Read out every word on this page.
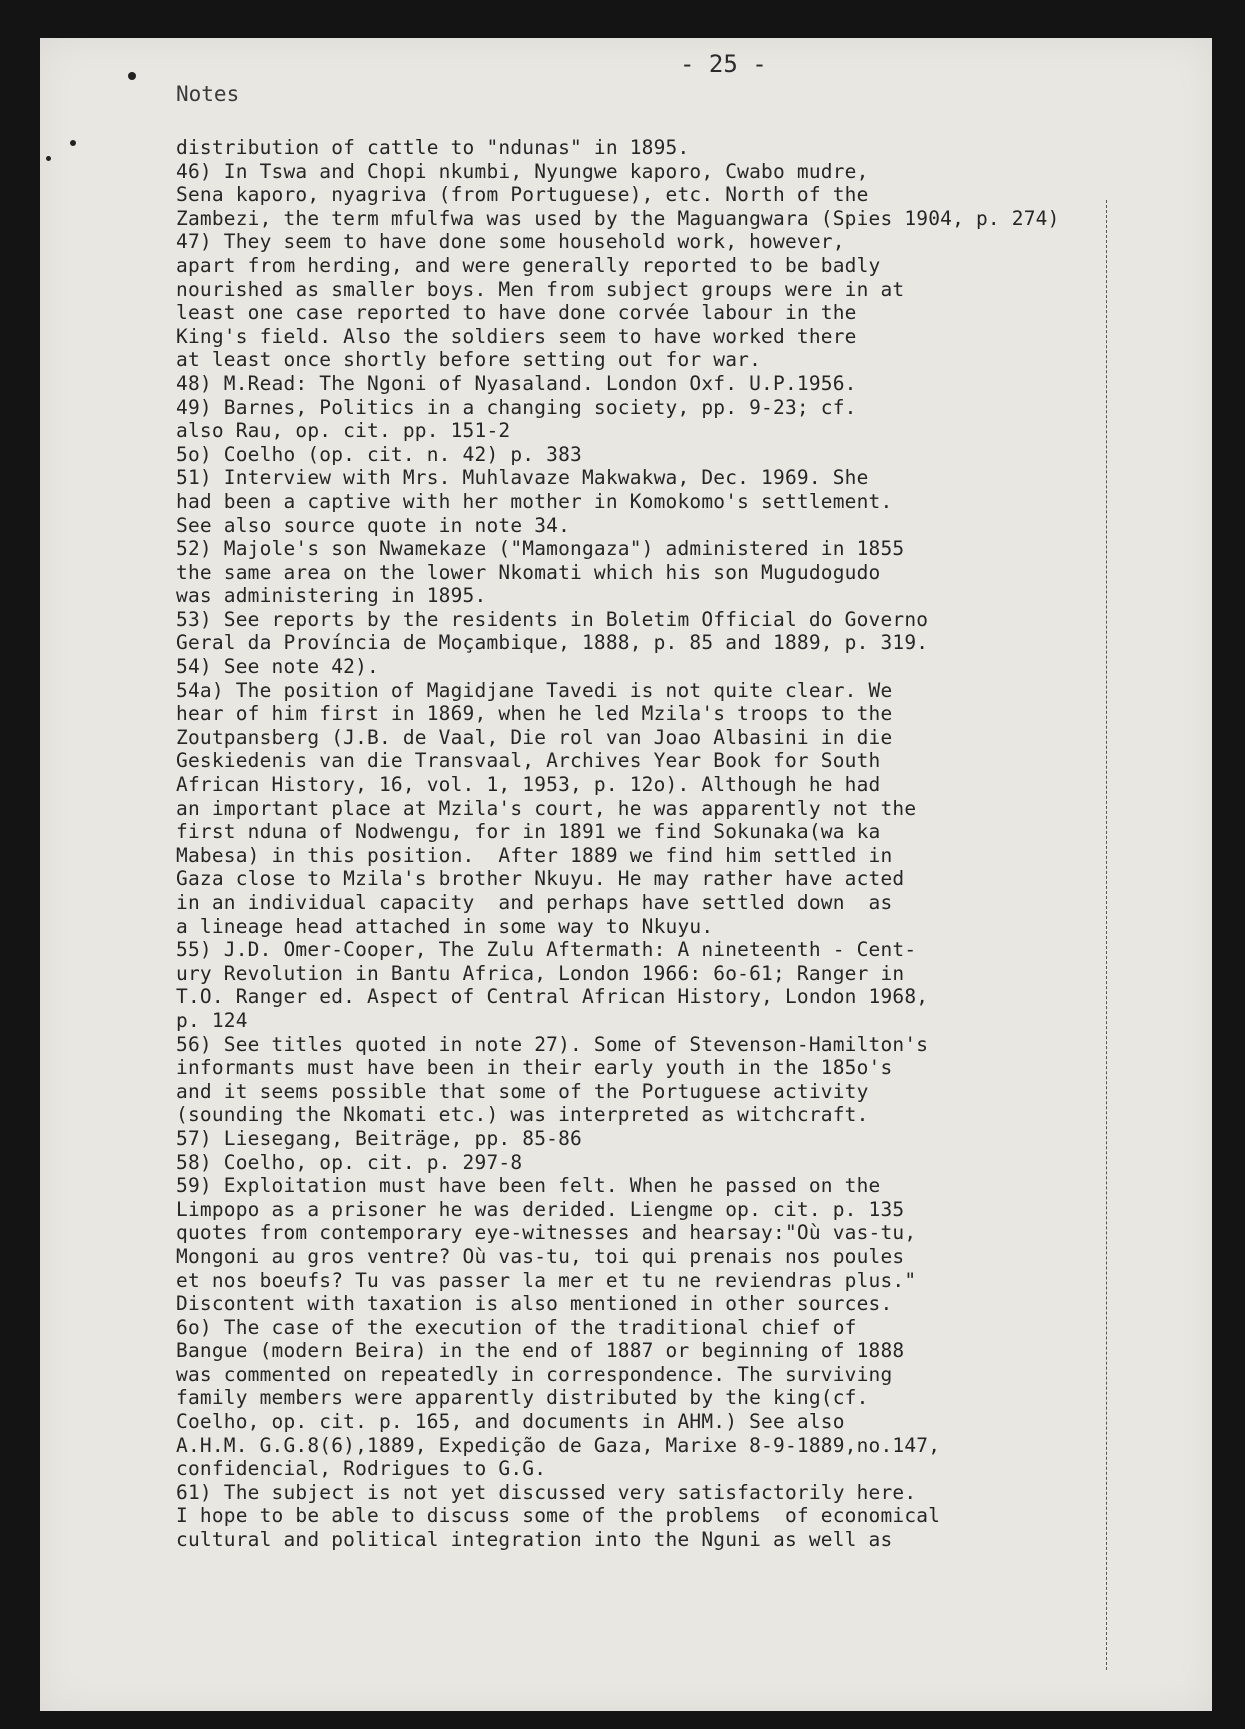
- 25 -
Notes
distribution of cattle to "ndunas" in 1895.
46) In Tswa and Chopi nkumbi, Nyungwe kaporo, Cwabo mudre,
Sena kaporo, nyagriva (from Portuguese), etc. North of the
Zambezi, the term mfulfwa was used by the Maguangwara (Spies 1904, p. 274)
47) They seem to have done some household work, however,
apart from herding, and were generally reported to be badly
nourished as smaller boys. Men from subject groups were in at
least one case reported to have done corvée labour in the
King's field. Also the soldiers seem to have worked there
at least once shortly before setting out for war.
48) M.Read: The Ngoni of Nyasaland. London Oxf. U.P.1956.
49) Barnes, Politics in a changing society, pp. 9-23; cf.
also Rau, op. cit. pp. 151-2
5o) Coelho (op. cit. n. 42) p. 383
51) Interview with Mrs. Muhlavaze Makwakwa, Dec. 1969. She
had been a captive with her mother in Komokomo's settlement.
See also source quote in note 34.
52) Majole's son Nwamekaze ("Mamongaza") administered in 1855
the same area on the lower Nkomati which his son Mugudogudo
was administering in 1895.
53) See reports by the residents in Boletim Official do Governo
Geral da Província de Moçambique, 1888, p. 85 and 1889, p. 319.
54) See note 42).
54a) The position of Magidjane Tavedi is not quite clear. We
hear of him first in 1869, when he led Mzila's troops to the
Zoutpansberg (J.B. de Vaal, Die rol van Joao Albasini in die
Geskiedenis van die Transvaal, Archives Year Book for South
African History, 16, vol. 1, 1953, p. 12o). Although he had
an important place at Mzila's court, he was apparently not the
first nduna of Nodwengu, for in 1891 we find Sokunaka(wa ka
Mabesa) in this position.  After 1889 we find him settled in
Gaza close to Mzila's brother Nkuyu. He may rather have acted
in an individual capacity  and perhaps have settled down  as
a lineage head attached in some way to Nkuyu.
55) J.D. Omer-Cooper, The Zulu Aftermath: A nineteenth - Cent-
ury Revolution in Bantu Africa, London 1966: 6o-61; Ranger in
T.O. Ranger ed. Aspect of Central African History, London 1968,
p. 124
56) See titles quoted in note 27). Some of Stevenson-Hamilton's
informants must have been in their early youth in the 185o's
and it seems possible that some of the Portuguese activity
(sounding the Nkomati etc.) was interpreted as witchcraft.
57) Liesegang, Beiträge, pp. 85-86
58) Coelho, op. cit. p. 297-8
59) Exploitation must have been felt. When he passed on the
Limpopo as a prisoner he was derided. Liengme op. cit. p. 135
quotes from contemporary eye-witnesses and hearsay:"Où vas-tu,
Mongoni au gros ventre? Où vas-tu, toi qui prenais nos poules
et nos boeufs? Tu vas passer la mer et tu ne reviendras plus."
Discontent with taxation is also mentioned in other sources.
6o) The case of the execution of the traditional chief of
Bangue (modern Beira) in the end of 1887 or beginning of 1888
was commented on repeatedly in correspondence. The surviving
family members were apparently distributed by the king(cf.
Coelho, op. cit. p. 165, and documents in AHM.) See also
A.H.M. G.G.8(6),1889, Expedição de Gaza, Marixe 8-9-1889,no.147,
confidencial, Rodrigues to G.G.
61) The subject is not yet discussed very satisfactorily here.
I hope to be able to discuss some of the problems  of economical
cultural and political integration into the Nguni as well as
